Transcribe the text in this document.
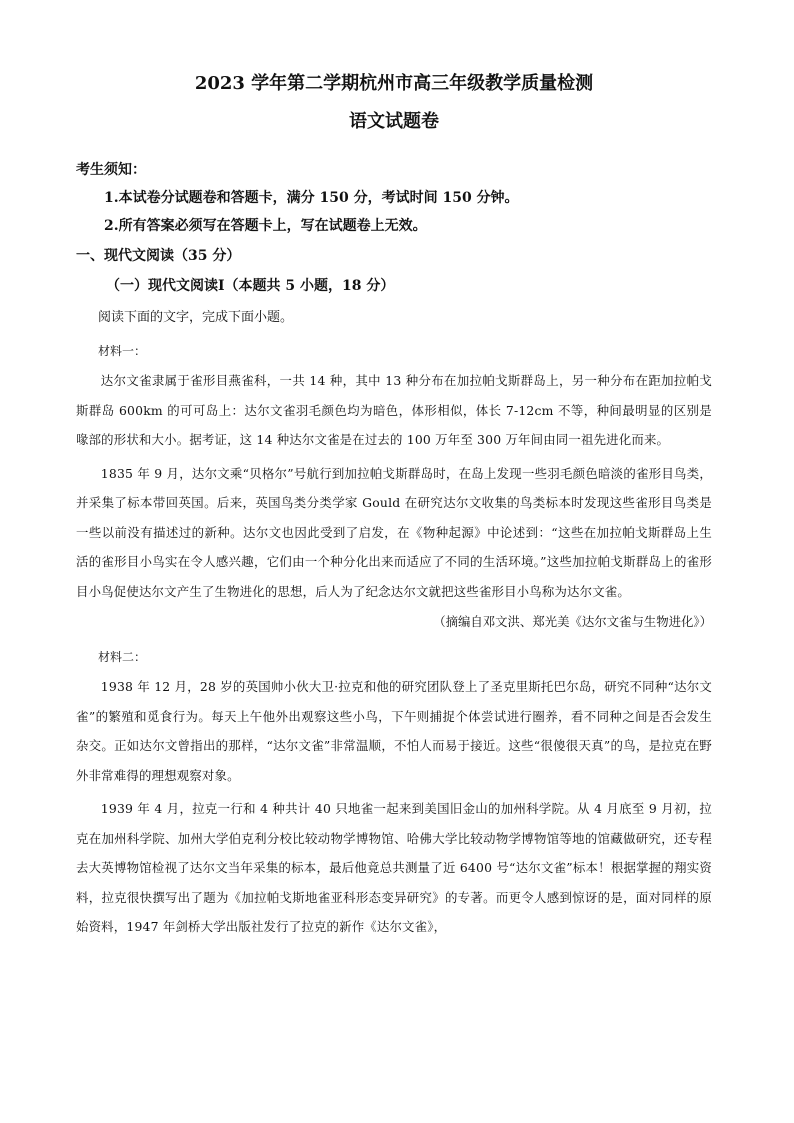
2023 学年第二学期杭州市高三年级教学质量检测
语文试题卷
考生须知：
1.本试卷分试题卷和答题卡，满分 150 分，考试时间 150 分钟。
2.所有答案必须写在答题卡上，写在试题卷上无效。
一、现代文阅读（35 分）
（一）现代文阅读Ⅰ（本题共 5 小题，18 分）
阅读下面的文字，完成下面小题。
材料一：

达尔文雀隶属于雀形目燕雀科，一共 14 种，其中 13 种分布在加拉帕戈斯群岛上，另一种分布在距加拉帕戈斯群岛 600km 的可可岛上：达尔文雀羽毛颜色均为暗色，体形相似，体长 7-12cm 不等，种间最明显的区别是喙部的形状和大小。据考证，这 14 种达尔文雀是在过去的 100 万年至 300 万年间由同一祖先进化而来。

1835 年 9 月，达尔文乘“贝格尔”号航行到加拉帕戈斯群岛时，在岛上发现一些羽毛颜色暗淡的雀形目鸟类，并采集了标本带回英国。后来，英国鸟类分类学家 Gould 在研究达尔文收集的鸟类标本时发现这些雀形目鸟类是一些以前没有描述过的新种。达尔文也因此受到了启发，在《物种起源》中论述到：“这些在加拉帕戈斯群岛上生活的雀形目小鸟实在令人感兴趣，它们由一个种分化出来而适应了不同的生活环境。”这些加拉帕戈斯群岛上的雀形目小鸟促使达尔文产生了生物进化的思想，后人为了纪念达尔文就把这些雀形目小鸟称为达尔文雀。

（摘编自邓文洪、郑光美《达尔文雀与生物进化》）
材料二：

1938 年 12 月，28 岁的英国帅小伙大卫·拉克和他的研究团队登上了圣克里斯托巴尔岛，研究不同种“达尔文雀”的繁殖和觅食行为。每天上午他外出观察这些小鸟，下午则捕捉个体尝试进行圈养，看不同种之间是否会发生杂交。正如达尔文曾指出的那样，“达尔文雀”非常温顺，不怕人而易于接近。这些“很傻很天真”的鸟，是拉克在野外非常难得的理想观察对象。

1939 年 4 月，拉克一行和 4 种共计 40 只地雀一起来到美国旧金山的加州科学院。从 4 月底至 9 月初，拉克在加州科学院、加州大学伯克利分校比较动物学博物馆、哈佛大学比较动物学博物馆等地的馆藏做研究，还专程去大英博物馆检视了达尔文当年采集的标本，最后他竟总共测量了近 6400 号“达尔文雀”标本！根据掌握的翔实资料，拉克很快撰写出了题为《加拉帕戈斯地雀亚科形态变异研究》的专著。而更令人感到惊讶的是，面对同样的原始资料，1947 年剑桥大学出版社发行了拉克的新作《达尔文雀》，
